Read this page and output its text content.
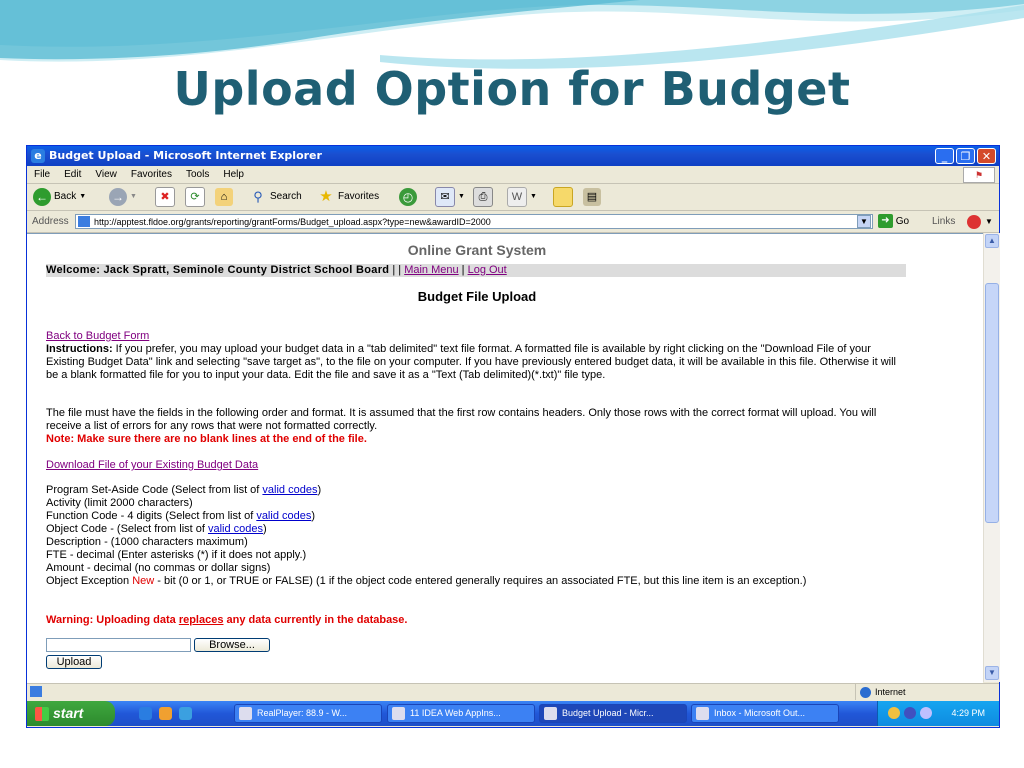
Upload Option for Budget
e Budget Upload - Microsoft Internet Explorer	_	❐	✕
File Edit View Favorites Tools Help	⚑
← Back ▼ → ▼	✖	⟳	⌂	⚲ Search ★ Favorites	◴	✉	▼	⎙	W	▼	▤
Address	http://apptest.fldoe.org/grants/reporting/grantForms/Budget_upload.aspx?type=new&awardID=2000	▼	➜ Go Links	▼
Online Grant System
Welcome: Jack Spratt, Seminole County District School Board | | Main Menu | Log Out
Budget File Upload
Back to Budget Form
Instructions: If you prefer, you may upload your budget data in a "tab delimited" text file format. A formatted file is available by right clicking on the "Download File of your Existing Budget Data" link and selecting "save target as", to the file on your computer. If you have previously entered budget data, it will be available in this file. Otherwise it will be a blank formatted file for you to input your data. Edit the file and save it as a "Text (Tab delimited)(*.txt)" file type.
The file must have the fields in the following order and format. It is assumed that the first row contains headers. Only those rows with the correct format will upload. You will receive a list of errors for any rows that were not formatted correctly.
Note: Make sure there are no blank lines at the end of the file.
Download File of your Existing Budget Data
Program Set-Aside Code (Select from list of valid codes)
Activity (limit 2000 characters)
Function Code - 4 digits (Select from list of valid codes)
Object Code - (Select from list of valid codes)
Description - (1000 characters maximum)
FTE - decimal (Enter asterisks (*) if it does not apply.)
Amount - decimal (no commas or dollar signs)
Object Exception New - bit (0 or 1, or TRUE or FALSE) (1 if the object code entered generally requires an associated FTE, but this line item is an exception.)
Warning: Uploading data replaces any data currently in the database.
Browse...
Upload
▲
▼
Internet
start	RealPlayer: 88.9 - W...	11 IDEA Web AppIns...	Budget Upload - Micr...	Inbox - Microsoft Out...	4:29 PM
